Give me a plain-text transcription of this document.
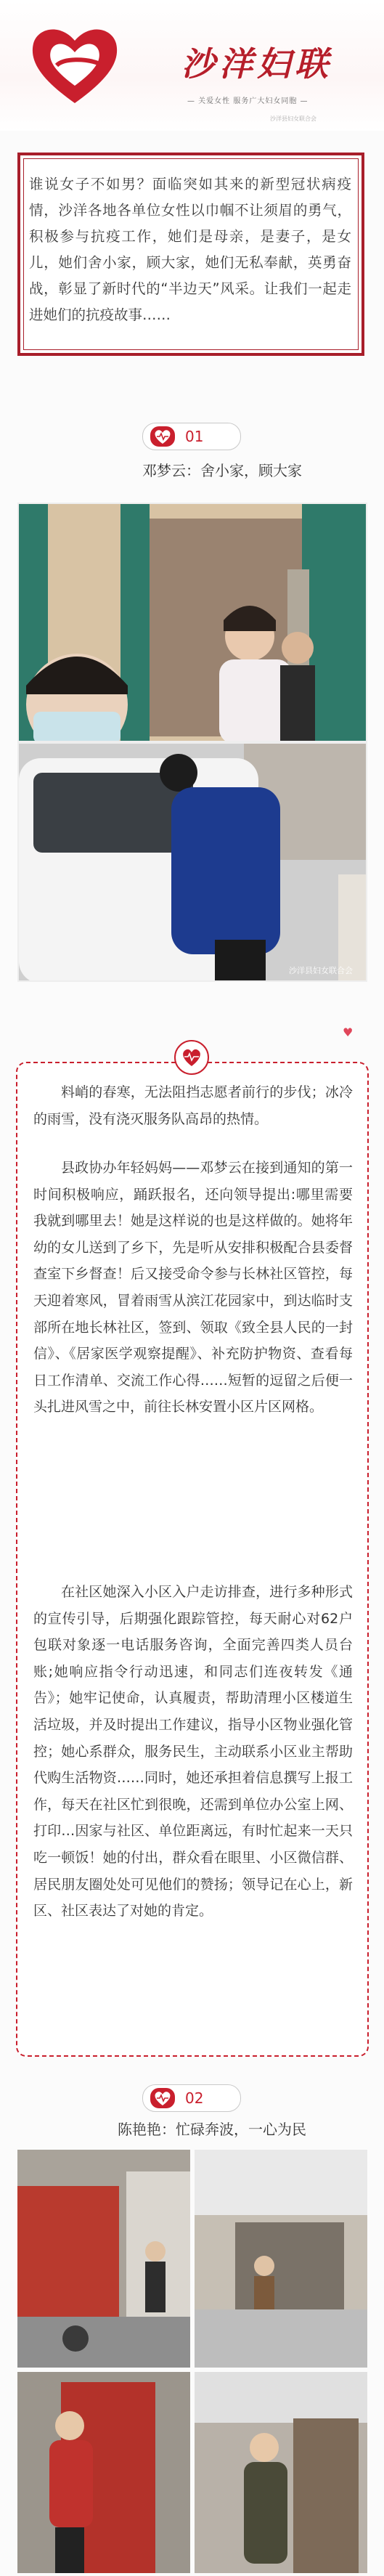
沙洋妇联
— 关爱女性 服务广大妇女同胞 —
沙洋县妇女联合会
谁说女子不如男？面临突如其来的新型冠状病疫情，沙洋各地各单位女性以巾帼不让须眉的勇气，积极参与抗疫工作，她们是母亲，是妻子，是女儿，她们舍小家，顾大家，她们无私奉献，英勇奋战，彰显了新时代的“半边天”风采。让我们一起走进她们的抗疫故事……
01
邓梦云：舍小家，顾大家
沙洋县妇女联合会
♥
料峭的春寒，无法阻挡志愿者前行的步伐；冰冷的雨雪，没有浇灭服务队高昂的热情。
县政协办年轻妈妈——邓梦云在接到通知的第一时间积极响应，踊跃报名，还向领导提出:哪里需要我就到哪里去！她是这样说的也是这样做的。她将年幼的女儿送到了乡下，先是听从安排积极配合县委督查室下乡督查！后又接受命令参与长林社区管控，每天迎着寒风，冒着雨雪从滨江花园家中，到达临时支部所在地长林社区，签到、领取《致全县人民的一封信》、《居家医学观察提醒》、补充防护物资、查看每日工作清单、交流工作心得……短暂的逗留之后便一头扎进风雪之中，前往长林安置小区片区网格。
在社区她深入小区入户走访排查，进行多种形式的宣传引导，后期强化跟踪管控，每天耐心对62户包联对象逐一电话服务咨询，全面完善四类人员台账;她响应指令行动迅速，和同志们连夜转发《通告》；她牢记使命，认真履责，帮助清理小区楼道生活垃圾，并及时提出工作建议，指导小区物业强化管控；她心系群众，服务民生，主动联系小区业主帮助代购生活物资……同时，她还承担着信息撰写上报工作，每天在社区忙到很晚，还需到单位办公室上网、打印…因家与社区、单位距离远，有时忙起来一天只吃一顿饭！她的付出，群众看在眼里、小区微信群、居民朋友圈处处可见他们的赞扬；领导记在心上，新区、社区表达了对她的肯定。
02
陈艳艳：忙碌奔波，一心为民
